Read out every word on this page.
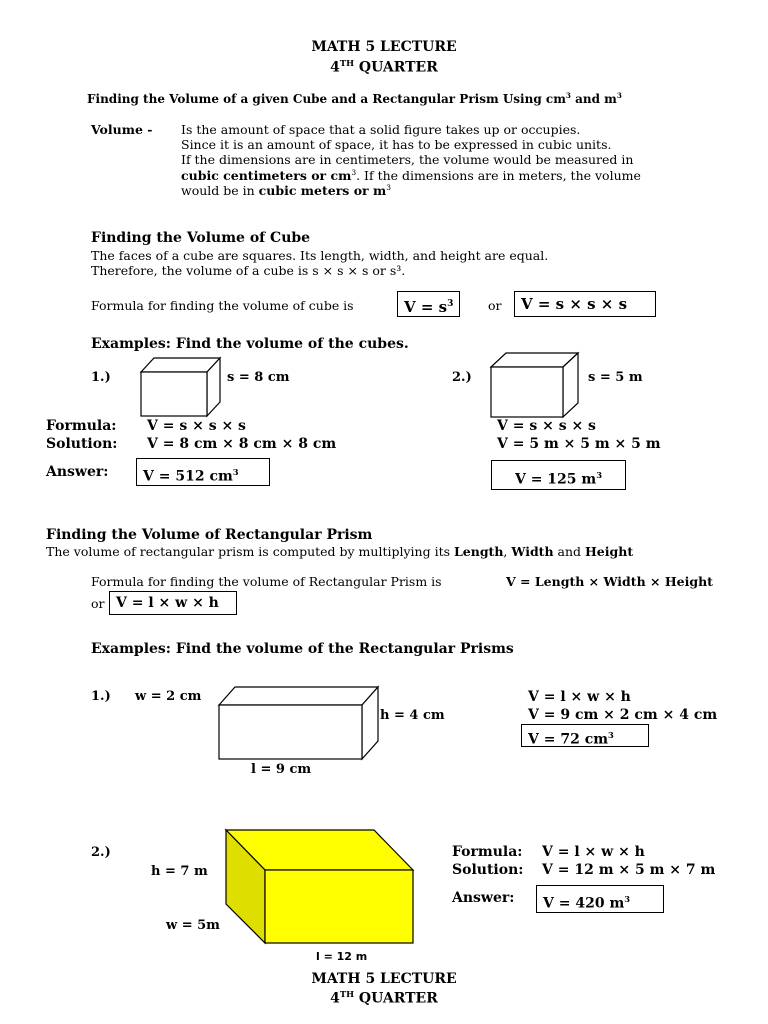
MATH 5 LECTURE
4TH QUARTER
Finding the Volume of a given Cube and a Rectangular Prism Using $cm^3$ and $m^3$
Volume - Is the amount of space that a solid figure takes up or occupies.
Since it is an amount of space, it has to be expressed in cubic units.
If the dimensions are in centimeters, the volume would be measured in
cubic centimeters or $cm^3$. If the dimensions are in meters, the volume
would be in cubic meters or $m^3$
Finding the Volume of Cube
The faces of a cube are squares. Its length, width, and height are equal.
Therefore, the volume of a cube is s × s × s or s³.
Formula for finding the volume of cube is	$V = s^3$	or	V = s × s × s
Examples: Find the volume of the cubes.
1.)	s = 8 cm
Formula: V = s × s × s
Solution: V = 8 cm × 8 cm × 8 cm
Answer:	V = 512 $cm^3$
2.)	s = 5 m
V = s × s × s
V = 5 m × 5 m × 5 m
V = 125 $m^3$
Finding the Volume of Rectangular Prism
The volume of rectangular prism is computed by multiplying its Length, Width and Height
Formula for finding the volume of Rectangular Prism is	V = Length × Width × Height
or V = l × w × h
Examples: Find the volume of the Rectangular Prisms
1.) w = 2 cm
h = 4 cm
l = 9 cm
V = l × w × h
V = 9 cm × 2 cm × 4 cm
V = 72 $cm^3$
2.)
h = 7 m
w = 5m
l = 12 m
Formula: V = l × w × h
Solution: V = 12 m × 5 m × 7 m
Answer:	V = 420 $m^3$
MATH 5 LECTURE
4TH QUARTER
